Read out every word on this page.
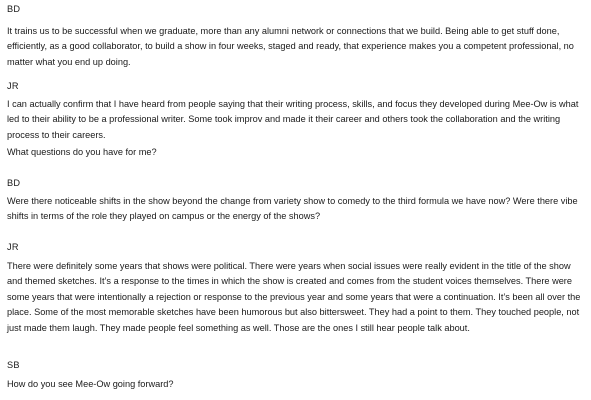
BD

It trains us to be successful when we graduate, more than any alumni network or connections that we build. Being able to get stuff done, efficiently, as a good collaborator, to build a show in four weeks, staged and ready, that experience makes you a competent professional, no matter what you end up doing.

JR

I can actually confirm that I have heard from people saying that their writing process, skills, and focus they developed during Mee-Ow is what led to their ability to be a professional writer. Some took improv and made it their career and others took the collaboration and the writing process to their careers.

What questions do you have for me?

BD

Were there noticeable shifts in the show beyond the change from variety show to comedy to the third formula we have now? Were there vibe shifts in terms of the role they played on campus or the energy of the shows?

JR

There were definitely some years that shows were political. There were years when social issues were really evident in the title of the show and themed sketches. It’s a response to the times in which the show is created and comes from the student voices themselves. There were some years that were intentionally a rejection or response to the previous year and some years that were a continuation. It’s been all over the place. Some of the most memorable sketches have been humorous but also bittersweet. They had a point to them. They touched people, not just made them laugh. They made people feel something as well. Those are the ones I still hear people talk about.

SB

How do you see Mee-Ow going forward?
